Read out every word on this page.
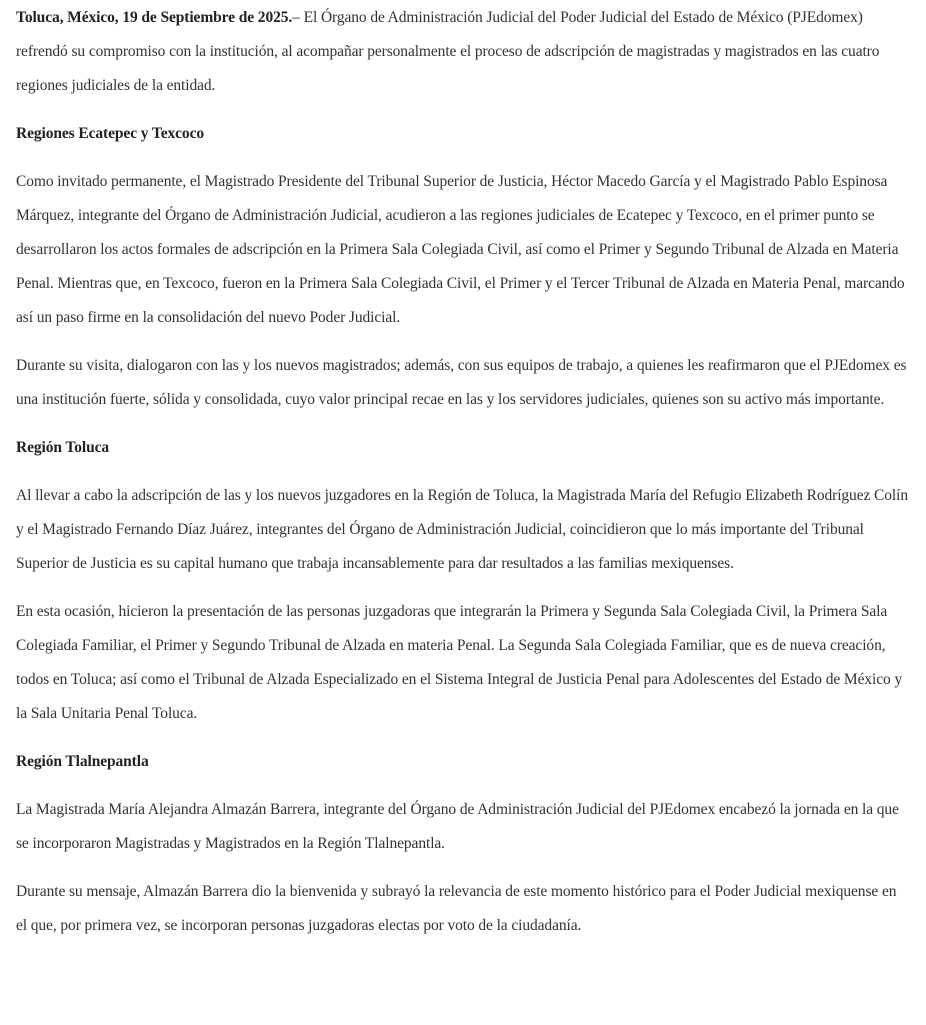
Toluca, México, 19 de Septiembre de 2025.– El Órgano de Administración Judicial del Poder Judicial del Estado de México (PJEdomex) refrendó su compromiso con la institución, al acompañar personalmente el proceso de adscripción de magistradas y magistrados en las cuatro regiones judiciales de la entidad.

Regiones Ecatepec y Texcoco

Como invitado permanente, el Magistrado Presidente del Tribunal Superior de Justicia, Héctor Macedo García y el Magistrado Pablo Espinosa Márquez, integrante del Órgano de Administración Judicial, acudieron a las regiones judiciales de Ecatepec y Texcoco, en el primer punto se desarrollaron los actos formales de adscripción en la Primera Sala Colegiada Civil, así como el Primer y Segundo Tribunal de Alzada en Materia Penal. Mientras que, en Texcoco, fueron en la Primera Sala Colegiada Civil, el Primer y el Tercer Tribunal de Alzada en Materia Penal, marcando así un paso firme en la consolidación del nuevo Poder Judicial.

Durante su visita, dialogaron con las y los nuevos magistrados; además, con sus equipos de trabajo, a quienes les reafirmaron que el PJEdomex es una institución fuerte, sólida y consolidada, cuyo valor principal recae en las y los servidores judiciales, quienes son su activo más importante.

Región Toluca

Al llevar a cabo la adscripción de las y los nuevos juzgadores en la Región de Toluca, la Magistrada María del Refugio Elizabeth Rodríguez Colín y el Magistrado Fernando Díaz Juárez, integrantes del Órgano de Administración Judicial, coincidieron que lo más importante del Tribunal Superior de Justicia es su capital humano que trabaja incansablemente para dar resultados a las familias mexiquenses.

En esta ocasión, hicieron la presentación de las personas juzgadoras que integrarán la Primera y Segunda Sala Colegiada Civil, la Primera Sala Colegiada Familiar, el Primer y Segundo Tribunal de Alzada en materia Penal. La Segunda Sala Colegiada Familiar, que es de nueva creación, todos en Toluca; así como el Tribunal de Alzada Especializado en el Sistema Integral de Justicia Penal para Adolescentes del Estado de México y la Sala Unitaria Penal Toluca.

Región Tlalnepantla

La Magistrada María Alejandra Almazán Barrera, integrante del Órgano de Administración Judicial del PJEdomex encabezó la jornada en la que se incorporaron Magistradas y Magistrados en la Región Tlalnepantla.

Durante su mensaje, Almazán Barrera dio la bienvenida y subrayó la relevancia de este momento histórico para el Poder Judicial mexiquense en el que, por primera vez, se incorporan personas juzgadoras electas por voto de la ciudadanía.
